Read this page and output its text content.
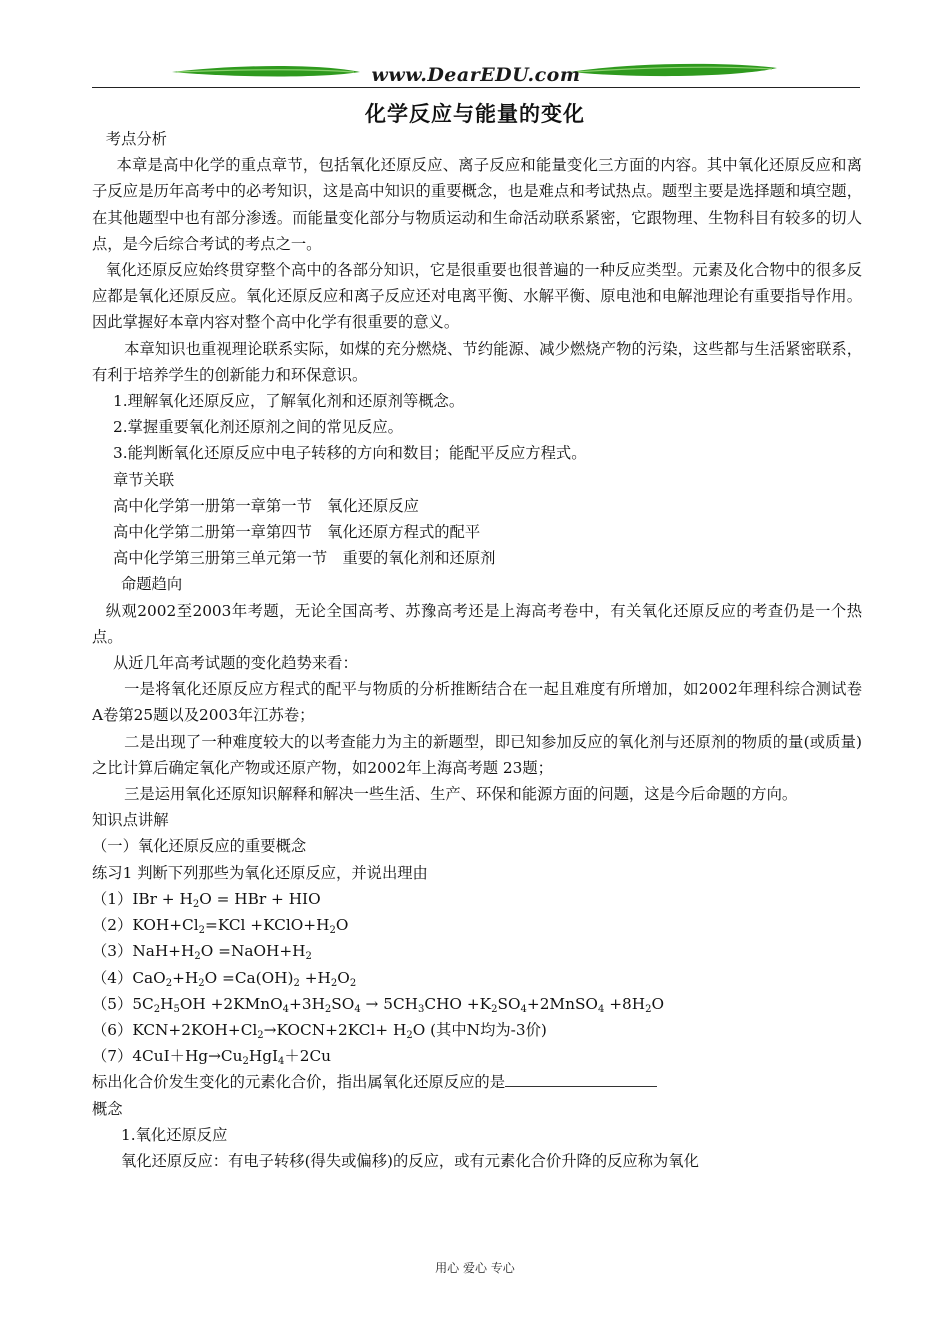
www.DearEDU.com
化学反应与能量的变化

考点分析

本章是高中化学的重点章节，包括氧化还原反应、离子反应和能量变化三方面的内容。其中氧化还原反应和离子反应是历年高考中的必考知识，这是高中知识的重要概念，也是难点和考试热点。题型主要是选择题和填空题，在其他题型中也有部分渗透。而能量变化部分与物质运动和生命活动联系紧密，它跟物理、生物科目有较多的切人点，是今后综合考试的考点之一。

氧化还原反应始终贯穿整个高中的各部分知识，它是很重要也很普遍的一种反应类型。元素及化合物中的很多反应都是氧化还原反应。氧化还原反应和离子反应还对电离平衡、水解平衡、原电池和电解池理论有重要指导作用。因此掌握好本章内容对整个高中化学有很重要的意义。

本章知识也重视理论联系实际，如煤的充分燃烧、节约能源、减少燃烧产物的污染，这些都与生活紧密联系，有利于培养学生的创新能力和环保意识。

1.理解氧化还原反应，了解氧化剂和还原剂等概念。

2.掌握重要氧化剂还原剂之间的常见反应。

3.能判断氧化还原反应中电子转移的方向和数目；能配平反应方程式。

章节关联

高中化学第一册第一章第一节　氧化还原反应

高中化学第二册第一章第四节　氧化还原方程式的配平

高中化学第三册第三单元第一节　重要的氧化剂和还原剂

命题趋向

纵观2002至2003年考题，无论全国高考、苏豫高考还是上海高考卷中，有关氧化还原反应的考查仍是一个热点。

从近几年高考试题的变化趋势来看：

一是将氧化还原反应方程式的配平与物质的分析推断结合在一起且难度有所增加，如2002年理科综合测试卷A卷第25题以及2003年江苏卷；

二是出现了一种难度较大的以考查能力为主的新题型，即已知参加反应的氧化剂与还原剂的物质的量(或质量)之比计算后确定氧化产物或还原产物，如2002年上海高考题 23题；

三是运用氧化还原知识解释和解决一些生活、生产、环保和能源方面的问题，这是今后命题的方向。

知识点讲解

（一）氧化还原反应的重要概念

练习1 判断下列那些为氧化还原反应，并说出理由

$(1)IBr + H_2O$ = HBr + HIO

$(2)KOH+Cl_2=KCl$ $+KClO+H_2O$

$(3)NaH+H_2O$ $=NaOH+H_2$

$(4)CaO_2+H_2O =Ca(OH)_2 +H_2O_2$

$(5)5C_2H_5OH$ $+2KMnO_4+3H_2SO_4 \to 5CH_3CHO$ $+K_2SO_4+2MnSO_4 +8H_2O$

$(6)KCN+2KOH+Cl_2\to KOCN+2KCl+ H_2O$ (其中N均为-3价)

$(7)4CuI+Hg\to Cu_2HgI_4+2Cu$

标出化合价发生变化的元素化合价，指出属氧化还原反应的是

概念

1.氧化还原反应

氧化还原反应：有电子转移(得失或偏移)的反应，或有元素化合价升降的反应称为氧化

用心 爱心 专心
